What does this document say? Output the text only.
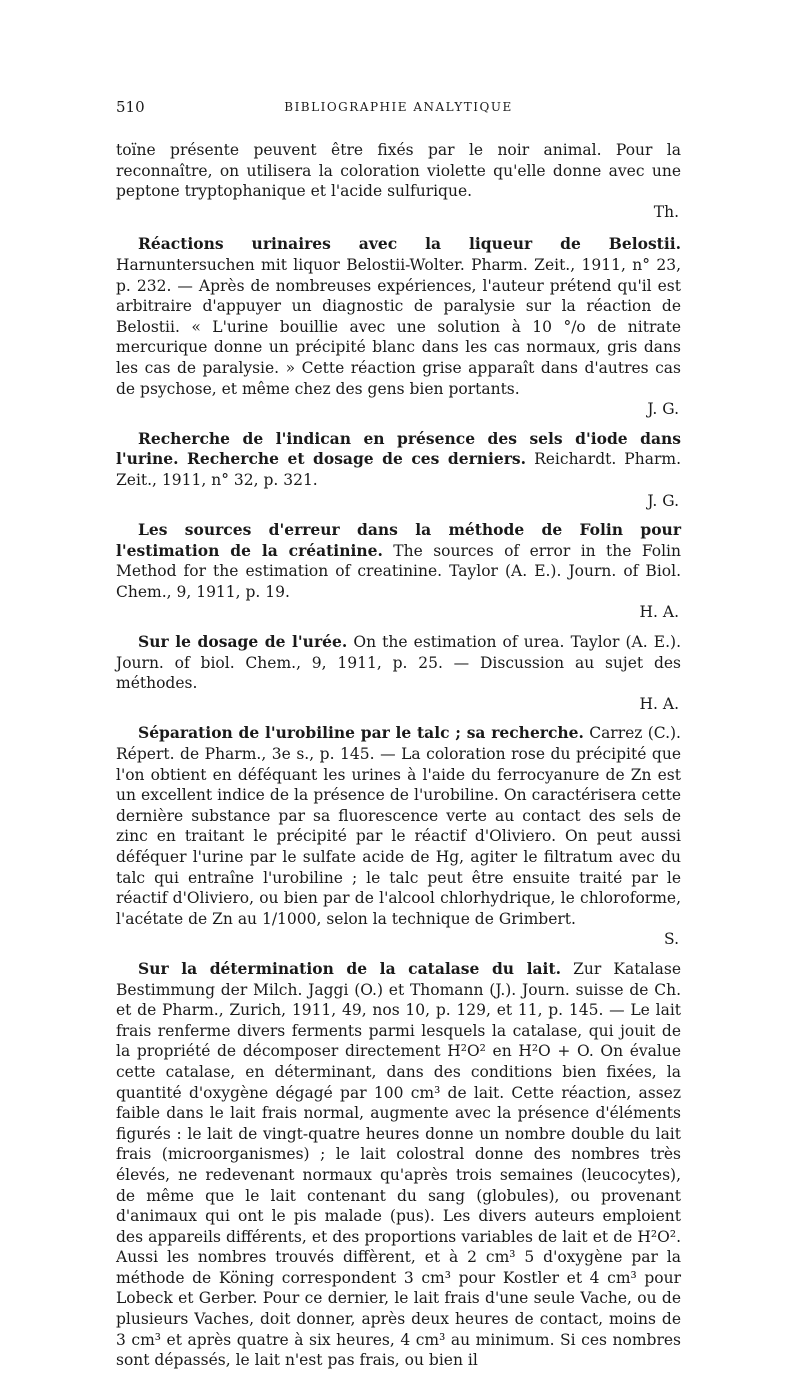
510	BIBLIOGRAPHIE ANALYTIQUE

toïne présente peuvent être fixés par le noir animal. Pour la reconnaître, on utilisera la coloration violette qu'elle donne avec une peptone tryptophanique et l'acide sulfurique.
Th.

Réactions urinaires avec la liqueur de Belostii. Harnuntersuchen mit liquor Belostii-Wolter. Pharm. Zeit., 1911, n° 23, p. 232. — Après de nombreuses expériences, l'auteur prétend qu'il est arbitraire d'appuyer un diagnostic de paralysie sur la réaction de Belostii. « L'urine bouillie avec une solution à 10 °/o de nitrate mercurique donne un précipité blanc dans les cas normaux, gris dans les cas de paralysie. » Cette réaction grise apparaît dans d'autres cas de psychose, et même chez des gens bien portants.
J. G.

Recherche de l'indican en présence des sels d'iode dans l'urine. Recherche et dosage de ces derniers. Reichardt. Pharm. Zeit., 1911, n° 32, p. 321.
J. G.

Les sources d'erreur dans la méthode de Folin pour l'estimation de la créatinine. The sources of error in the Folin Method for the estimation of creatinine. Taylor (A. E.). Journ. of Biol. Chem., 9, 1911, p. 19.
H. A.

Sur le dosage de l'urée. On the estimation of urea. Taylor (A. E.). Journ. of biol. Chem., 9, 1911, p. 25. — Discussion au sujet des méthodes.
H. A.

Séparation de l'urobiline par le talc ; sa recherche. Carrez (C.). Répert. de Pharm., 3e s., p. 145. — La coloration rose du précipité que l'on obtient en déféquant les urines à l'aide du ferrocyanure de Zn est un excellent indice de la présence de l'urobiline. On caractérisera cette dernière substance par sa fluorescence verte au contact des sels de zinc en traitant le précipité par le réactif d'Oliviero. On peut aussi déféquer l'urine par le sulfate acide de Hg, agiter le filtratum avec du talc qui entraîne l'urobiline ; le talc peut être ensuite traité par le réactif d'Oliviero, ou bien par de l'alcool chlorhydrique, le chloroforme, l'acétate de Zn au 1/1000, selon la technique de Grimbert.
S.

Sur la détermination de la catalase du lait. Zur Katalase Bestimmung der Milch. Jaggi (O.) et Thomann (J.). Journ. suisse de Ch. et de Pharm., Zurich, 1911, 49, nos 10, p. 129, et 11, p. 145. — Le lait frais renferme divers ferments parmi lesquels la catalase, qui jouit de la propriété de décomposer directement H²O² en H²O + O. On évalue cette catalase, en déterminant, dans des conditions bien fixées, la quantité d'oxygène dégagé par 100 cm³ de lait. Cette réaction, assez faible dans le lait frais normal, augmente avec la présence d'éléments figurés : le lait de vingt-quatre heures donne un nombre double du lait frais (microorganismes) ; le lait colostral donne des nombres très élevés, ne redevenant normaux qu'après trois semaines (leucocytes), de même que le lait contenant du sang (globules), ou provenant d'animaux qui ont le pis malade (pus). Les divers auteurs emploient des appareils différents, et des proportions variables de lait et de H²O². Aussi les nombres trouvés diffèrent, et à 2 cm³ 5 d'oxygène par la méthode de Köning correspondent 3 cm³ pour Kostler et 4 cm³ pour Lobeck et Gerber. Pour ce dernier, le lait frais d'une seule Vache, ou de plusieurs Vaches, doit donner, après deux heures de contact, moins de 3 cm³ et après quatre à six heures, 4 cm³ au minimum. Si ces nombres sont dépassés, le lait n'est pas frais, ou bien il
